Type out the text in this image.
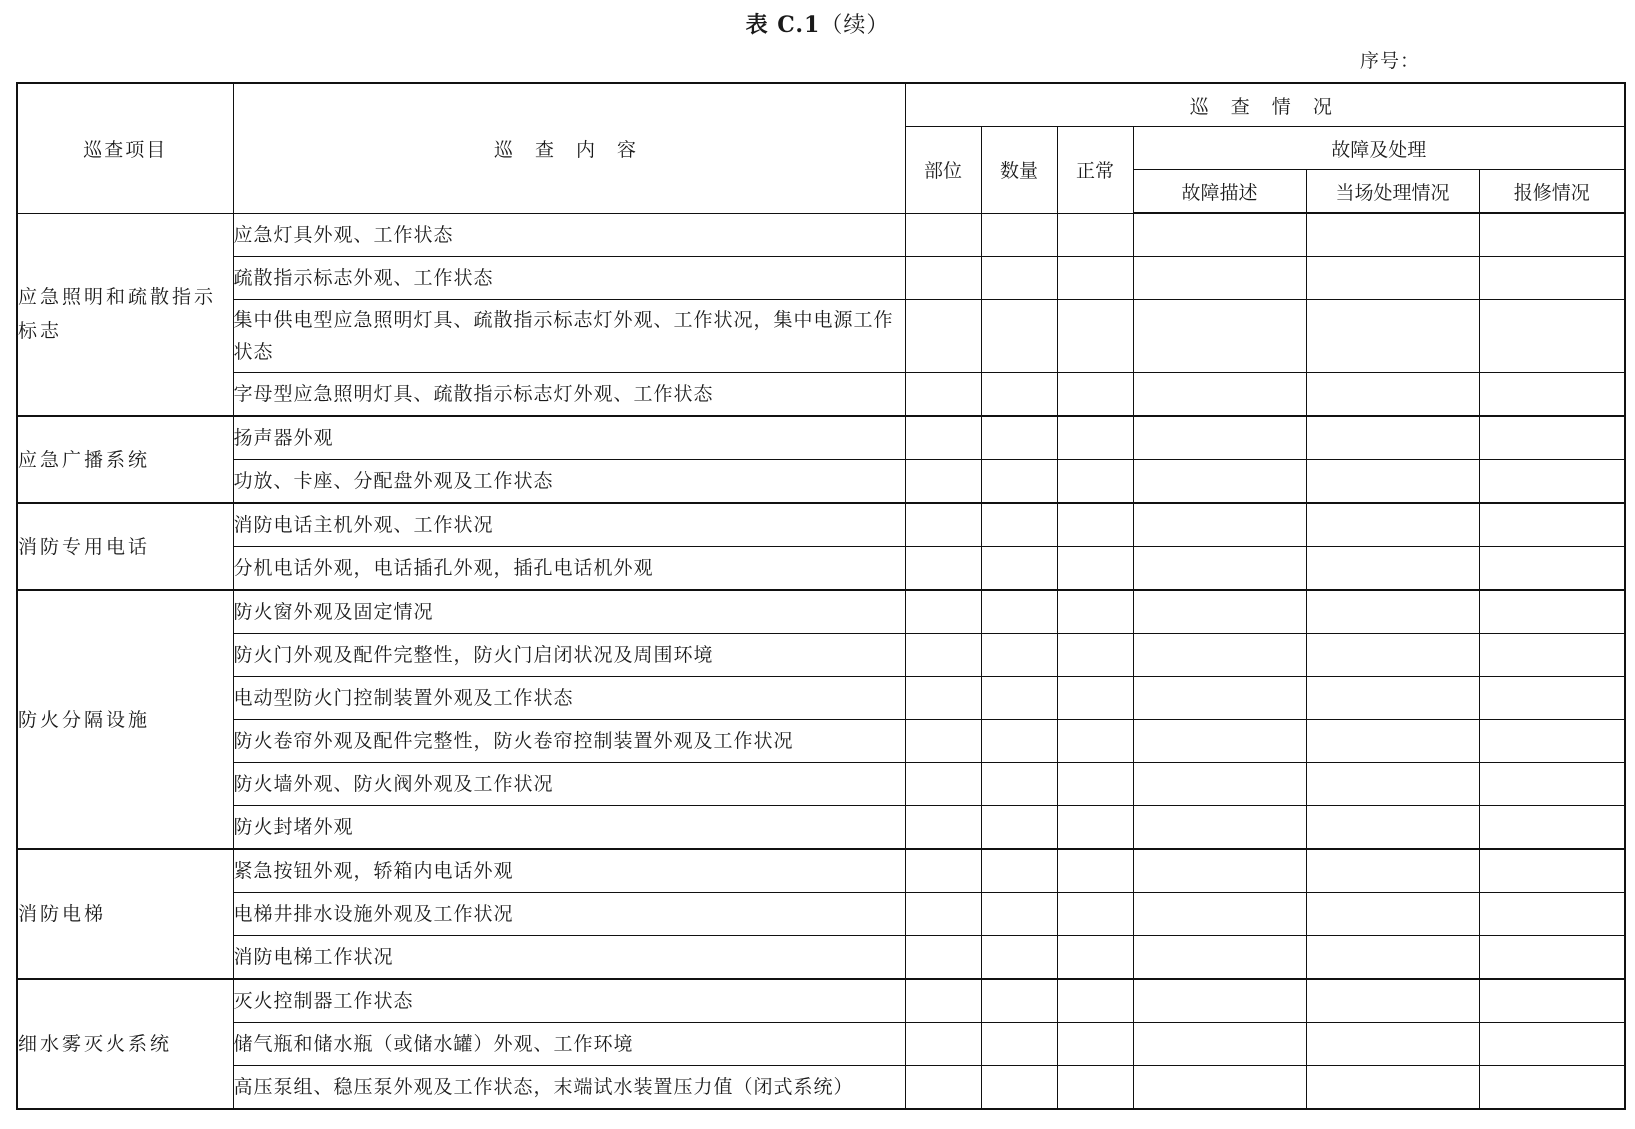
表 C.1（续）
序号：
巡查项目	巡 查 内 容	巡 查 情 况					
		部位	数量	正常	故障及处理		
					故障描述	当场处理情况	报修情况
应急照明和疏散指示标志	应急灯具外观、工作状态						
	疏散指示标志外观、工作状态						
	集中供电型应急照明灯具、疏散指示标志灯外观、工作状况，集中电源工作状态						
	字母型应急照明灯具、疏散指示标志灯外观、工作状态						
应急广播系统	扬声器外观						
	功放、卡座、分配盘外观及工作状态						
消防专用电话	消防电话主机外观、工作状况						
	分机电话外观，电话插孔外观，插孔电话机外观						
防火分隔设施	防火窗外观及固定情况						
	防火门外观及配件完整性，防火门启闭状况及周围环境						
	电动型防火门控制装置外观及工作状态						
	防火卷帘外观及配件完整性，防火卷帘控制装置外观及工作状况						
	防火墙外观、防火阀外观及工作状况						
	防火封堵外观						
消防电梯	紧急按钮外观，轿箱内电话外观						
	电梯井排水设施外观及工作状况						
	消防电梯工作状况						
细水雾灭火系统	灭火控制器工作状态						
	储气瓶和储水瓶（或储水罐）外观、工作环境						
	高压泵组、稳压泵外观及工作状态，末端试水装置压力值（闭式系统）						
